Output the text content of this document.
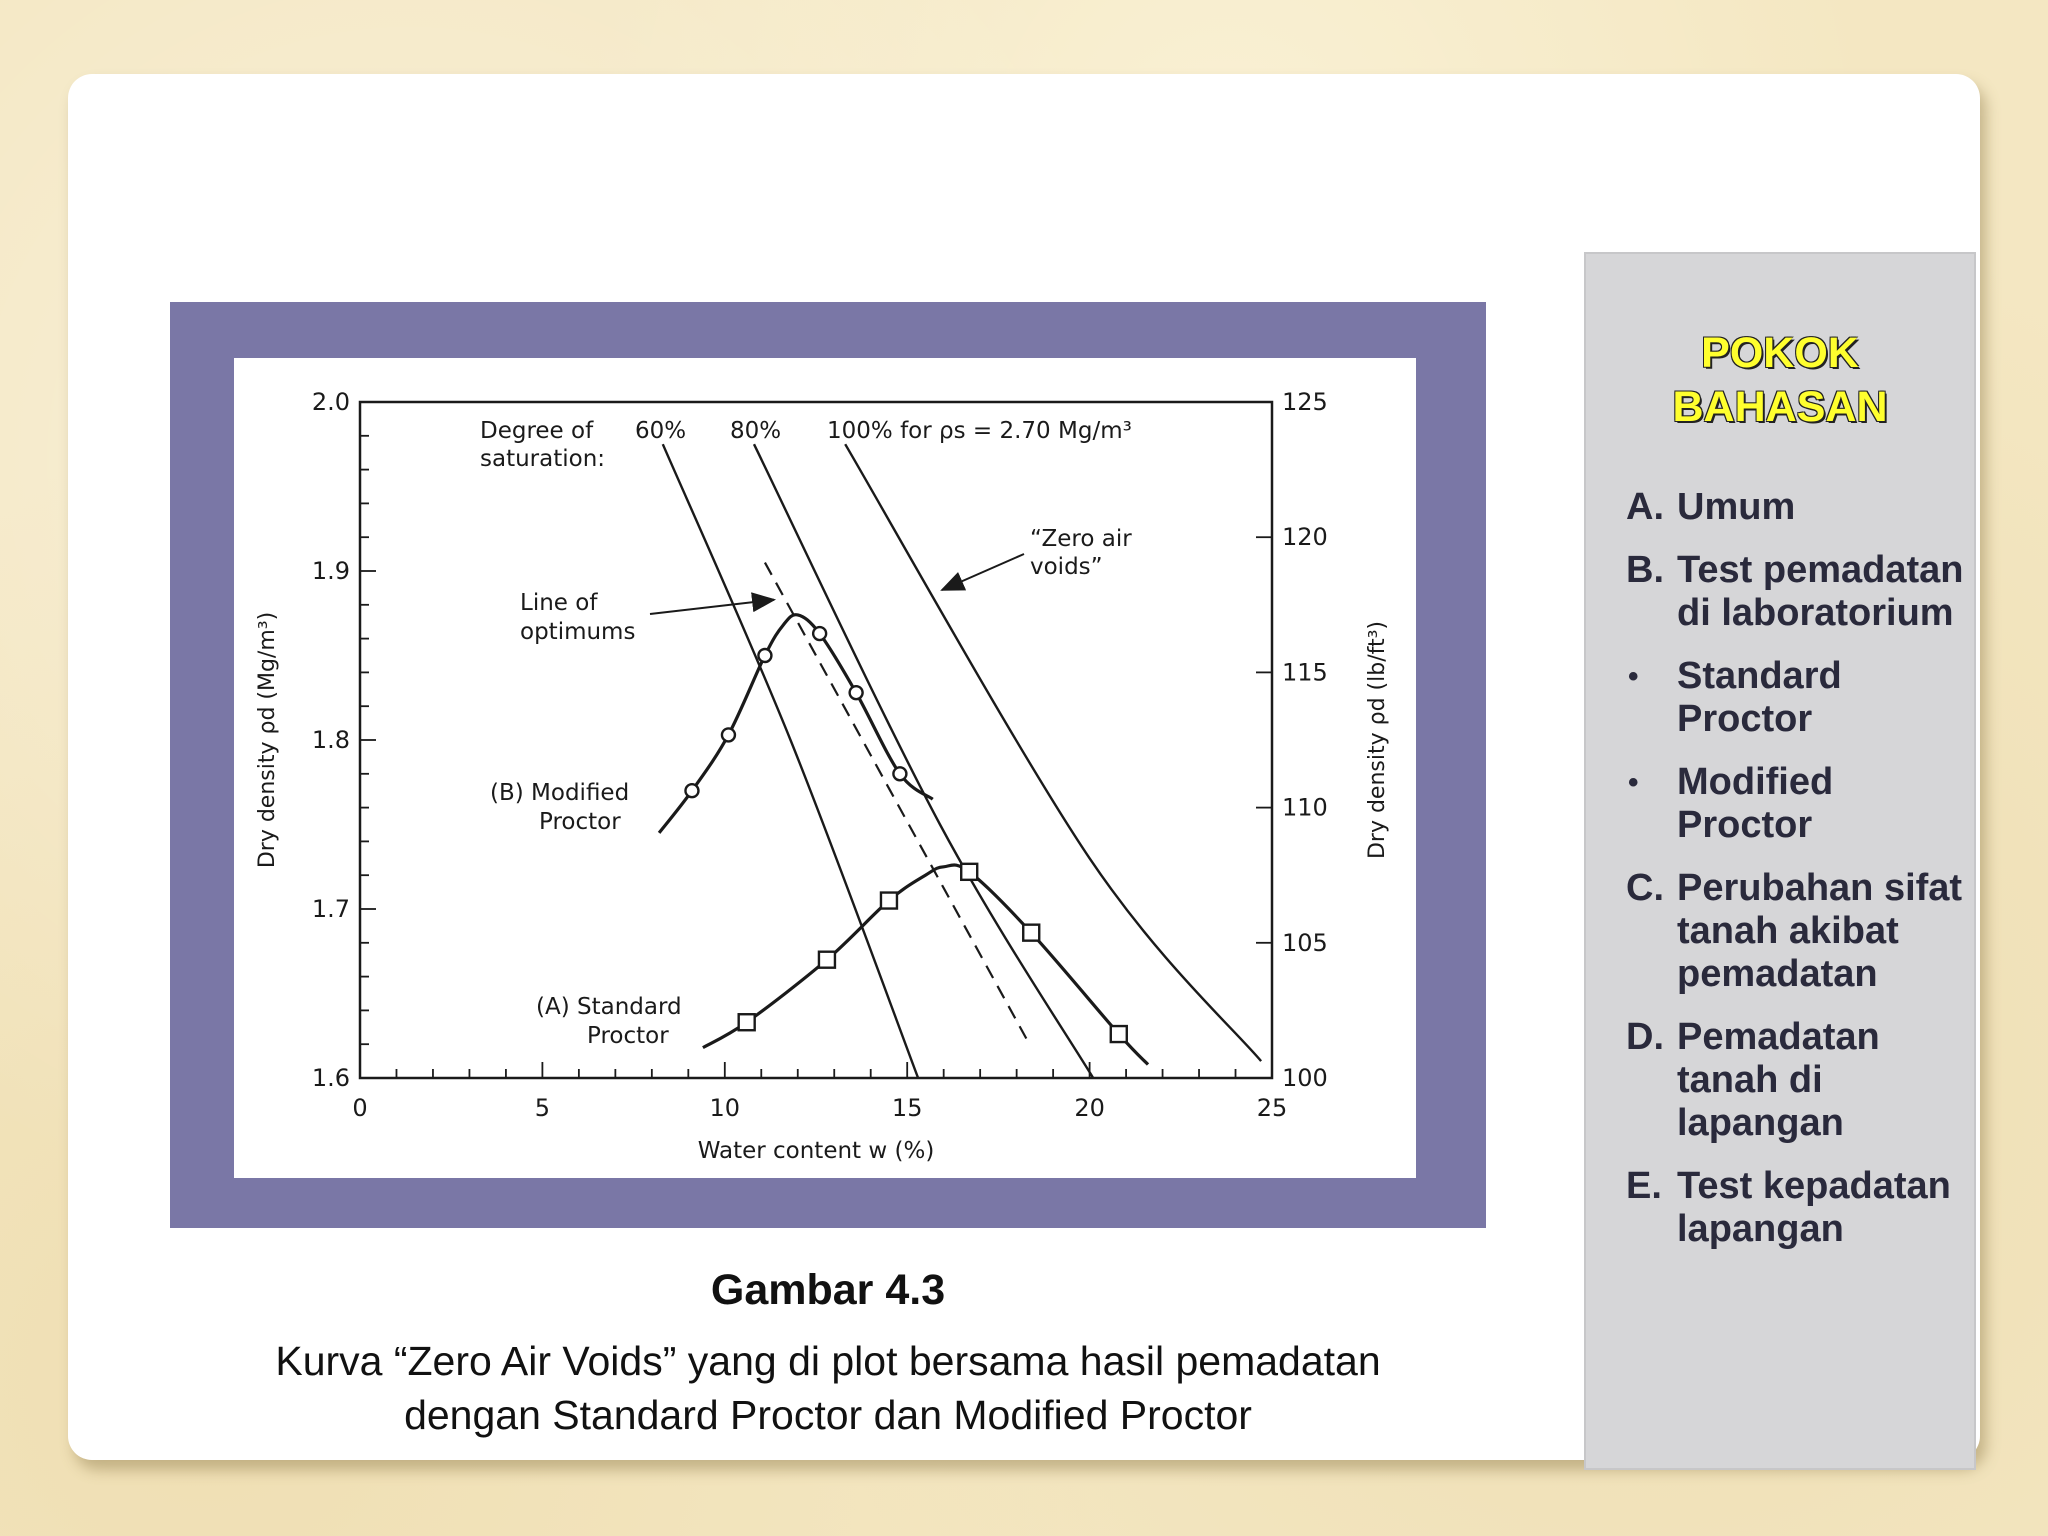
0	5	10	15	20	25
1.6
1.7
1.8
1.9
2.0
100
105
110
115
120
125
Water content w (%)
Dry density ρd (Mg/m³)	Dry density ρd (lb/ft³)
Degree of
saturation:
60% 80% 100% for ρs = 2.70 Mg/m³
Line of
optimums
“Zero air
voids”
(B) Modified
Proctor
(A) Standard
Proctor
Gambar 4.3
Kurva “Zero Air Voids” yang di plot bersama hasil pemadatan
dengan Standard Proctor dan Modified Proctor
POKOK
BAHASAN
A. Umum
B. Test pemadatan di laboratorium
• Standard Proctor
• Modified Proctor
C. Perubahan sifat tanah akibat pemadatan
D. Pemadatan tanah di lapangan
E. Test kepadatan lapangan
